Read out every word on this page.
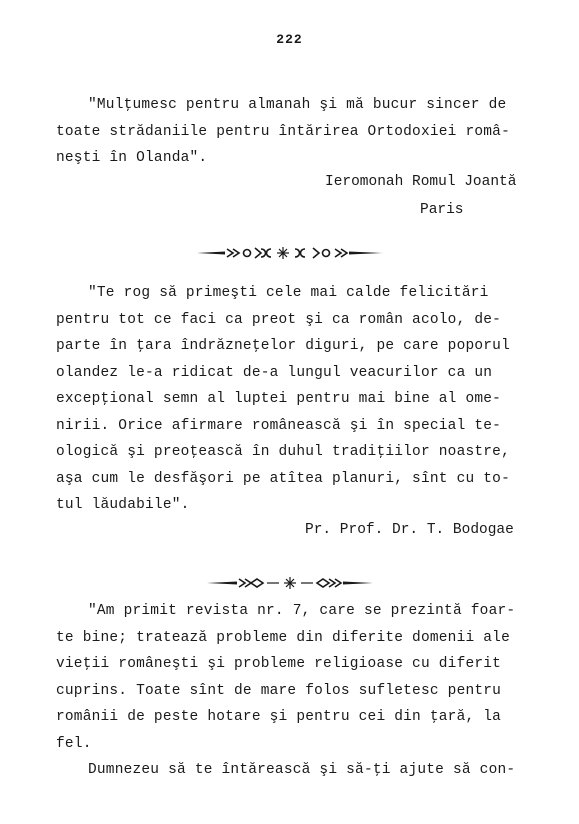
222
"Mulţumesc pentru almanah şi mă bucur sincer de
toate strădaniile pentru întărirea Ortodoxiei româ-
neşti în Olanda".
Ieromonah Romul Joantă
Paris
"Te rog să primeşti cele mai calde felicitări
pentru tot ce faci ca preot şi ca român acolo, de-
parte în ţara îndrăzneţelor diguri, pe care poporul
olandez le-a ridicat de-a lungul veacurilor ca un
excepţional semn al luptei pentru mai bine al ome-
nirii. Orice afirmare românească şi în special te-
ologică şi preoţească în duhul tradiţiilor noastre,
aşa cum le desfăşori pe atîtea planuri, sînt cu to-
tul lăudabile".
Pr. Prof. Dr. T. Bodogae
"Am primit revista nr. 7, care se prezintă foar-
te bine; tratează probleme din diferite domenii ale
vieţii româneşti şi probleme religioase cu diferit
cuprins. Toate sînt de mare folos sufletesc pentru
românii de peste hotare şi pentru cei din ţară, la
fel.
Dumnezeu să te întărească şi să-ţi ajute să con-
